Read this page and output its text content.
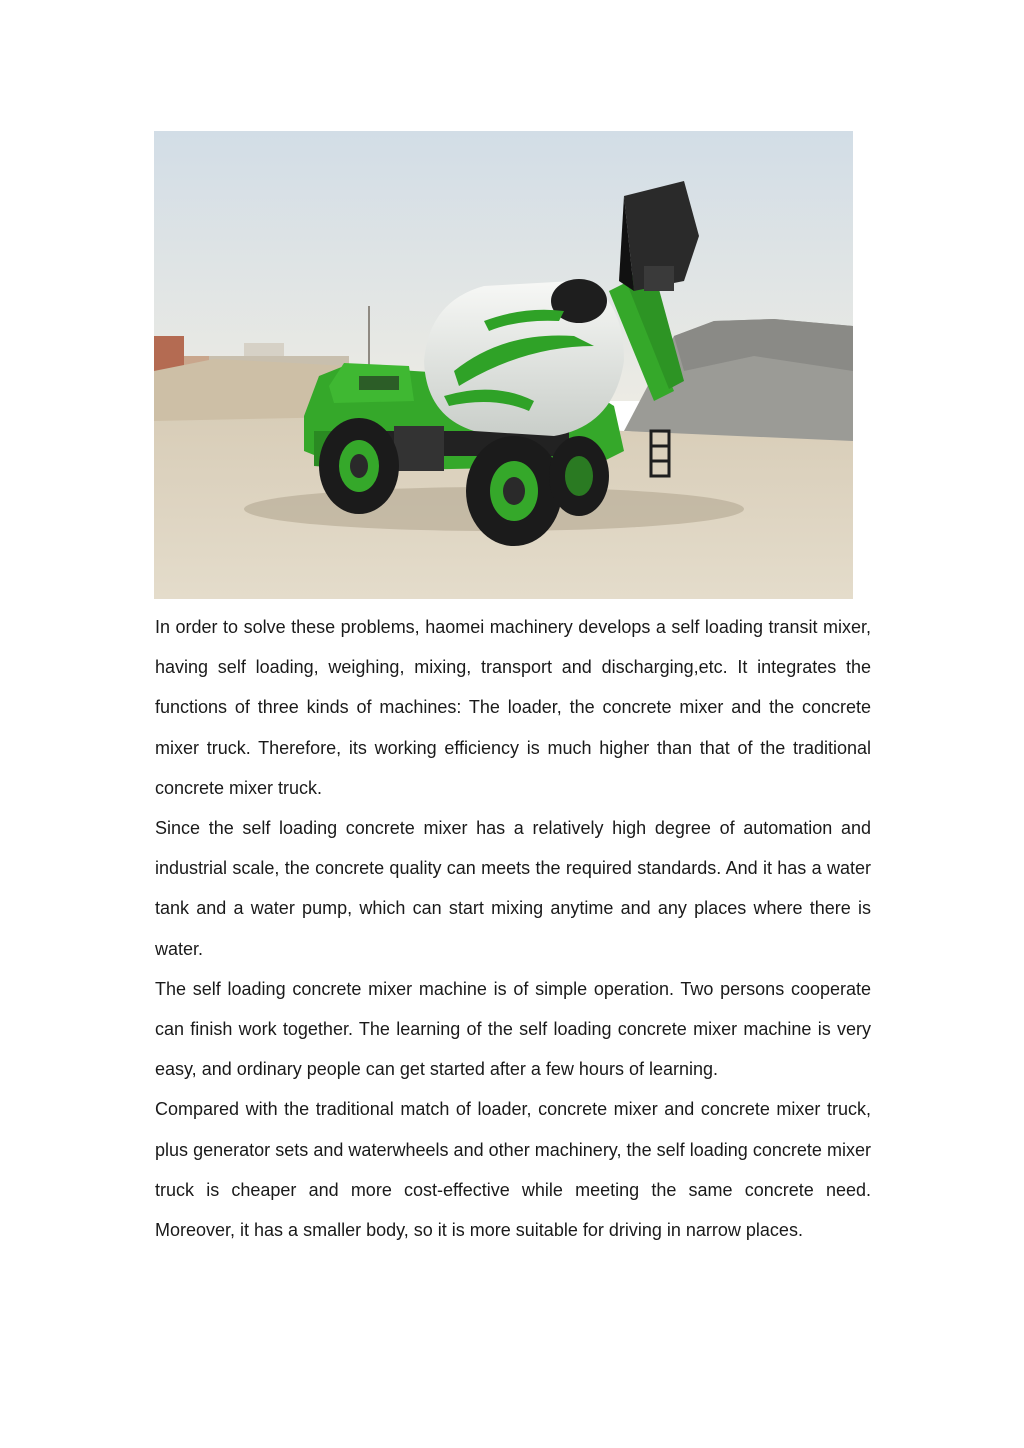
In order to solve these problems, haomei machinery develops a self loading transit mixer, having self loading, weighing, mixing, transport and discharging,etc. It integrates the functions of three kinds of machines: The loader, the concrete mixer and the concrete mixer truck. Therefore, its working efficiency is much higher than that of the traditional concrete mixer truck.

Since the self loading concrete mixer has a relatively high degree of automation and industrial scale, the concrete quality can meets the required standards. And it has a water tank and a water pump, which can start mixing anytime and any places where there is water.

The self loading concrete mixer machine is of simple operation. Two persons cooperate can finish work together. The learning of the self loading concrete mixer machine is very easy, and ordinary people can get started after a few hours of learning.

Compared with the traditional match of loader, concrete mixer and concrete mixer truck, plus generator sets and waterwheels and other machinery, the self loading concrete mixer truck is cheaper and more cost-effective while meeting the same concrete need. Moreover, it has a smaller body, so it is more suitable for driving in narrow places.
